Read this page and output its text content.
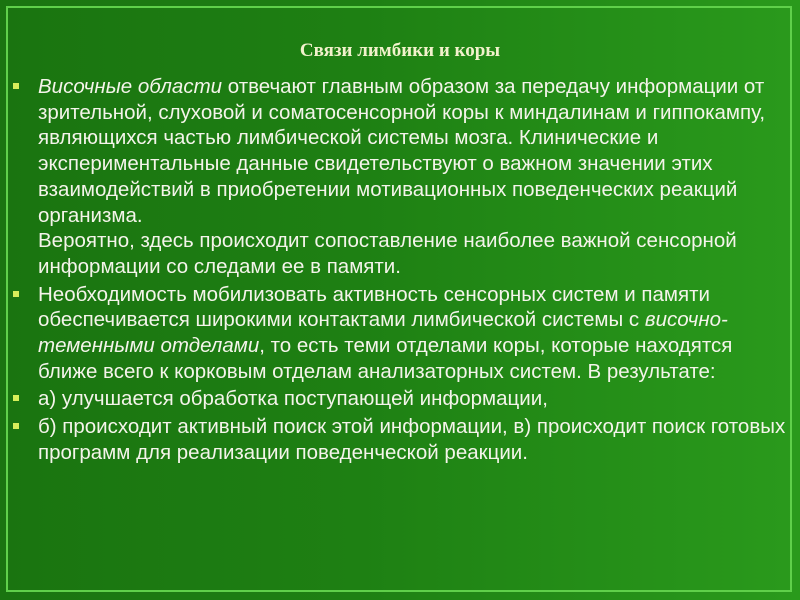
Связи лимбики и коры
Височные области отвечают главным образом за передачу информации от зрительной, слуховой и соматосенсорной коры к миндалинам и гиппокампу, являющихся частью лимбической системы мозга. Клинические и экспериментальные данные свидетельствуют о важном значении этих взаимодействий в приобретении мотивационных поведенческих реакций организма.
Вероятно, здесь происходит сопоставление наиболее важной сенсорной информации со следами ее в памяти.
Необходимость мобилизовать активность сенсорных систем и памяти обеспечивается широкими контактами лимбической системы с височно-теменными отделами, то есть теми отделами коры, которые находятся ближе всего к корковым отделам анализаторных систем. В результате:
а) улучшается обработка поступающей информации,
б) происходит активный поиск этой информации, в) происходит поиск готовых программ для реализации поведенческой реакции.
